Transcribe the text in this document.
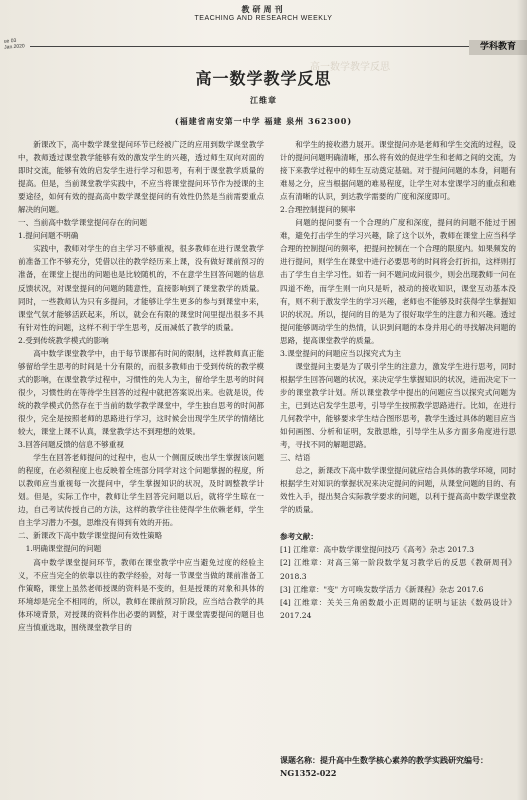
教研周刊
TEACHING AND RESEARCH WEEKLY
ue 03
Jan.2020	学科教育
高一数学教学反思
高一数学教学反思
江维章
(福建省南安第一中学 福建 泉州 362300)

新课改下，高中数学课堂提问环节已经被广泛的应用到数学课堂教学中，教师透过课堂教学能够有效的激发学生的兴趣，透过师生双向对面的即时交流，能够有效的启发学生进行学习和思考，有利于课堂教学质量的提高。但是，当前课堂教学实践中，不应当将课堂提问环节作为授课的主要途径，如何有效的提高高中数学课堂提问的有效性仍然是当前需要重点解决的问题。

一、当前高中数学课堂提问存在的问题

1.提问问题不明确

实践中，教师对学生的自主学习不够重视，很多教师在进行课堂教学前准备工作不够充分，凭借以往的教学经历来上课，没有做好课前预习的准备，在课堂上提出的问题也是比较随机的，不在意学生回答问题的信息反馈状况，对课堂提问的问题的随意性，直接影响到了课堂教学的质量。同时，一些教师认为只有多提问，才能够让学生更多的参与到课堂中来，课堂气氛才能够活跃起来，所以，就会在有限的课堂时间里提出很多不具有针对性的问题，这样不利于学生思考，反而减低了教学的质量。

2.受到传统教学模式的影响

高中数学课堂教学中，由于每节课都有时间的限制，这样教师真正能够留给学生思考的时间是十分有限的，而很多教师由于受到传统的教学模式的影响，在课堂教学过程中，习惯性的先人为主，留给学生思考的时间很少，习惯性的在等待学生回答的过程中就把答案说出来。也就是说，传统的教学模式仍然存在于当前的数学教学课堂中，学生独自思考的时间都很少，完全是按照老师的思路进行学习，这时候会出现学生厌学的情绪比较大，课堂上课不认真，课堂教学达不到理想的效果。

3.回答问题反馈的信息不够重视

学生在回答老师提问的过程中，也从一个侧面反映出学生掌握该问题的程度，在必须程度上也反映着全班部分同学对这个问题掌握的程度，所以教师应当重视每一次提问中，学生掌握知识的状况，及时调整教学计划。但是，实际工作中，教师让学生回答完问题以后，就将学生晾在一边，自己考试传授自己的方法，这样的教学往往使得学生依赖老师，学生自主学习潜力不强，思维没有得到有效的开拓。

二、新课改下高中数学课堂提问有效性策略

1.明确课堂提问的问题

高中数学课堂提问环节，教师在课堂教学中应当避免过度的经验主义，不应当完全的依靠以往的教学经验，对每一节课堂当做的课前准备工作策略，课堂上虽然老师授课的资料是不变的，但是授课的对象和具体的环境却是完全不相同的，所以，教师在课前预习阶段，应当结合教学的具体环境背景，对授课的资料作出必要的调整，对于课堂需要提问的题目也应当慎重选取，围绕课堂教学目的

和学生的接收潜力展开。课堂提问亦是老师和学生交流的过程，设计的提问问题明确清晰，那么将有效的促进学生和老师之间的交流，为接下来教学过程中的师生互动奠定基础。对于提问问题的本身，问题有难易之分，应当根据问题的难易程度，让学生对本堂课学习的重点和难点有清晰的认识，到达教学需要的广度和深度即可。

2.合理控制提问的频率

问题的提问要有一个合理的广度和深度，提问的问题不能过于困难，避免打击学生的学习兴趣，除了这个以外，教师在课堂上应当科学合理的控制提问的频率，把提问控制在一个合理的限度内。如果频发的进行提问，则学生在课堂中进行必要思考的时间将会打折扣，这样则打击了学生自主学习性。如若一问不题问成问很少，则会出现教师一问在四道不绝，而学生则一向只是听，被动的接收知识，课堂互动基本没有，则不利于激发学生的学习兴趣，老师也不能够及时获得学生掌握知识的状况。所以，提问的目的是为了很好取学生的注意力和兴趣。透过提问能够调动学生的热情，认识到问题的本身并用心的寻找解决问题的思路，提高课堂教学的质量。

3.课堂提问的问题应当以探究式为主

课堂提问主要是为了吸引学生的注意力，激发学生进行思考，同时根据学生回答问题的状况，来决定学生掌握知识的状况，进而决定下一步的课堂教学计划。所以课堂教学中提出的问题应当以探究式问题为主，已到达启发学生思考，引导学生按照教学思路进行。比如，在进行几何教学中，能够要求学生结合图形思考，教学生透过具体的题目应当如何画图、分析和证明，发散思维，引导学生从多方面多角度进行思考，寻找不同的解题思路。

三、结语

总之，新课改下高中数学课堂提问就应结合具体的教学环境，同时根据学生对知识的掌握状况来决定提问的问题，从课堂问题的目的、有效性入手，提出契合实际教学要求的问题，以利于提高高中数学课堂教学的质量。

参考文献：

[1] 江维章：高中数学课堂提问技巧《高考》杂志 2017.3

[2] 江维章：对高三第一阶段数学复习教学后的反思《教研周刊》2018.3

[3] 江维章："变" 方可唤发数学活力《新课程》杂志 2017.6

[4] 江维章：关关三角函数最小正周期的证明与证法《数码设计》2017.24

课题名称：提升高中生数学核心素养的教学实践研究编号：NG1352-022
